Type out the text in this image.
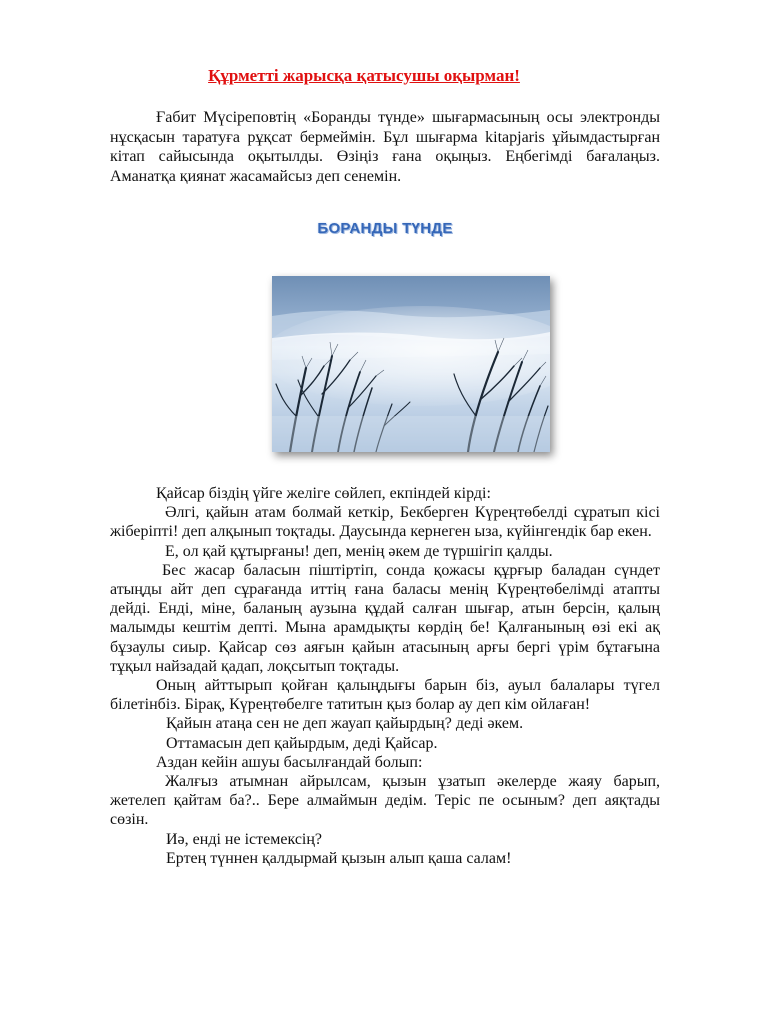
Құрметті жарысқа қатысушы оқырман!
Ғабит Мүсіреповтің «Боранды түнде» шығармасының осы электронды нұсқасын таратуға рұқсат бермеймін. Бұл шығарма kitapjaris ұйымдастырған кітап сайысында оқытылды. Өзіңіз ғана оқыңыз. Еңбегімді бағалаңыз. Аманатқа қиянат жасамайсыз деп сенемін.
БОРАНДЫ ТҮНДЕ

Қайсар біздің үйге желіге сөйлеп, екпіндей кірді:

Әлгі, қайын атам болмай кеткір, Бекберген Күреңтөбелді сұратып кісі жіберіпті! деп алқынып тоқтады. Даусында кернеген ыза, күйінгендік бар екен.

Е, ол қай құтырғаны! деп, менің әкем де түршігіп қалды.

Бес жасар баласын піштіртіп, сонда қожасы құрғыр баладан сүндет атыңды айт деп сұрағанда иттің ғана баласы менің Күреңтөбелімді атапты дейді. Енді, міне, баланың аузына құдай салған шығар, атын берсін, қалың малымды кештім депті. Мына арамдықты көрдің бе! Қалғанының өзі екі ақ бұзаулы сиыр. Қайсар сөз аяғын қайын атасының арғы бергі үрім бұтағына тұқыл найзадай қадап, лоқсытып тоқтады.

Оның айттырып қойған қалыңдығы барын біз, ауыл балалары түгел білетінбіз. Бірақ, Күреңтөбелге татитын қыз болар ау деп кім ойлаған!

Қайын атаңа сен не деп жауап қайырдың? деді әкем.

Оттамасын деп қайырдым, деді Қайсар.

Аздан кейін ашуы басылғандай болып:

Жалғыз атымнан айрылсам, қызын ұзатып әкелерде жаяу барып, жетелеп қайтам ба?.. Бере алмаймын дедім. Теріс пе осыным? деп аяқтады сөзін.

Иә, енді не істемексің?

Ертең түннен қалдырмай қызын алып қаша салам!
